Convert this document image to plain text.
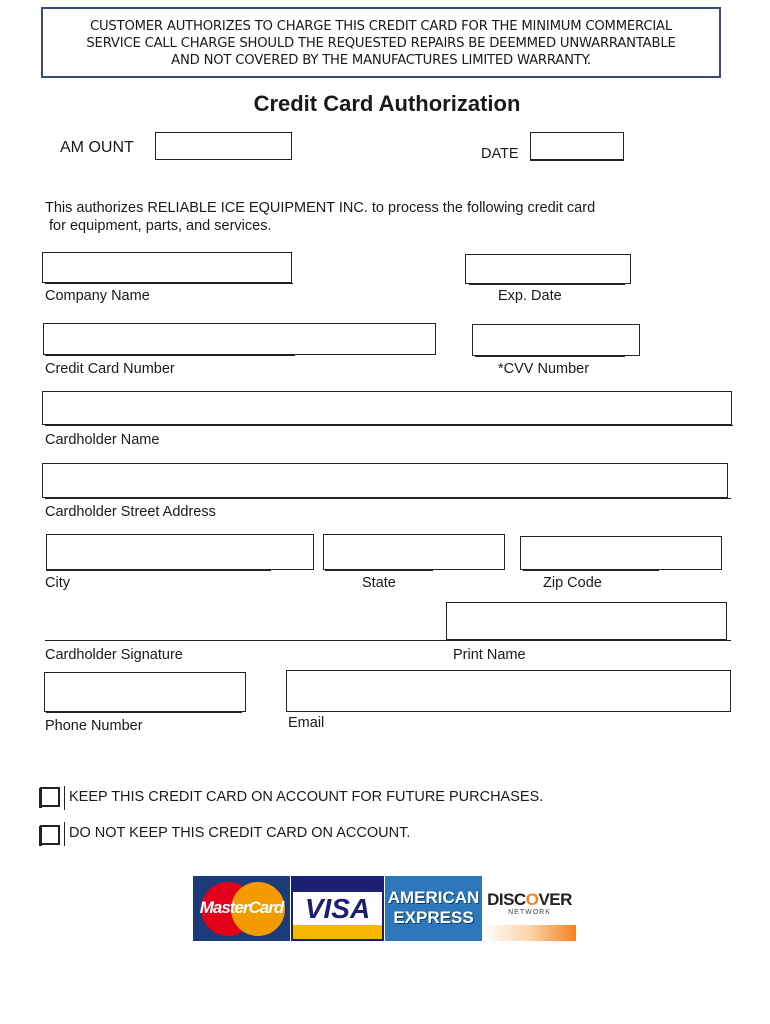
CUSTOMER AUTHORIZES TO CHARGE THIS CREDIT CARD FOR THE MINIMUM COMMERCIAL
SERVICE CALL CHARGE SHOULD THE REQUESTED REPAIRS BE DEEMMED UNWARRANTABLE
AND NOT COVERED BY THE MANUFACTURES LIMITED WARRANTY.
Credit Card Authorization
AM OUNT	DATE
This authorizes RELIABLE ICE EQUIPMENT INC. to process the following credit card
for equipment, parts, and services.
Company Name	Exp. Date
Credit Card Number	*CVV Number
Cardholder Name
Cardholder Street Address
City	State	Zip Code
Cardholder Signature	Print Name
Phone Number	Email
KEEP THIS CREDIT CARD ON ACCOUNT FOR FUTURE PURCHASES.
DO NOT KEEP THIS CREDIT CARD ON ACCOUNT.
MasterCard VISA	AMERICAN
EXPRESS
DISCOVER
NETWORK
